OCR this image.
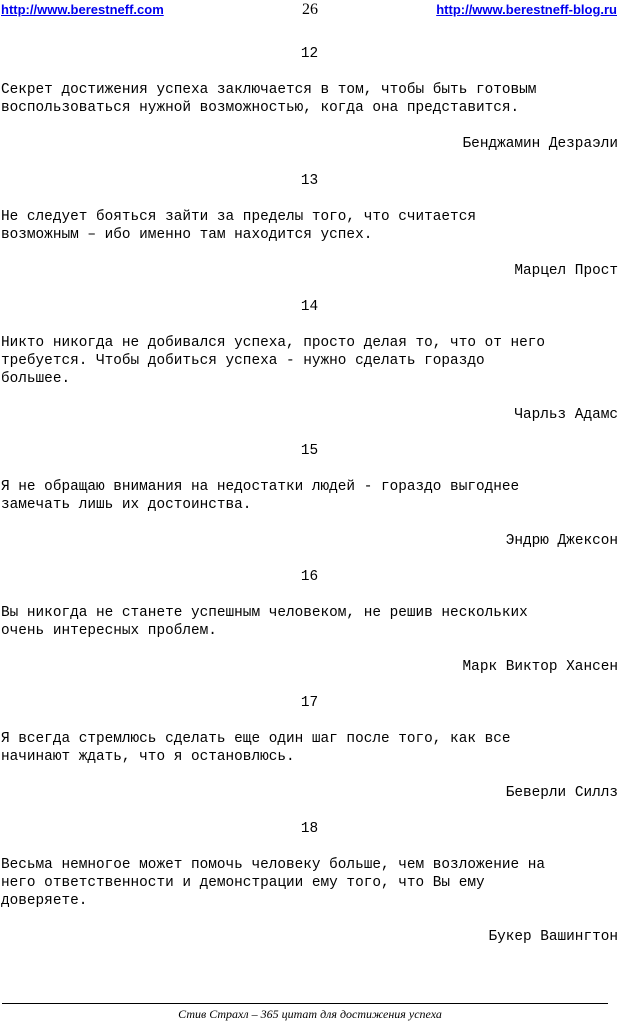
http://www.berestneff.com	26	http://www.berestneff-blog.ru
12
Секрет достижения успеха заключается в том, чтобы быть готовым
воспользоваться нужной возможностью, когда она представится.
Бенджамин Дезраэли
13
Не следует бояться зайти за пределы того, что считается
возможным – ибо именно там находится успех.
Марцел Прост
14
Никто никогда не добивался успеха, просто делая то, что от него
требуется. Чтобы добиться успеха - нужно сделать гораздо
большее.
Чарльз Адамс
15
Я не обращаю внимания на недостатки людей - гораздо выгоднее
замечать лишь их достоинства.
Эндрю Джексон
16
Вы никогда не станете успешным человеком, не решив нескольких
очень интересных проблем.
Марк Виктор Хансен
17
Я всегда стремлюсь сделать еще один шаг после того, как все
начинают ждать, что я остановлюсь.
Беверли Силлз
18
Весьма немногое может помочь человеку больше, чем возложение на
него ответственности и демонстрации ему того, что Вы ему
доверяете.
Букер Вашингтон
Стив Страхл – 365 цитат для достижения успеха
